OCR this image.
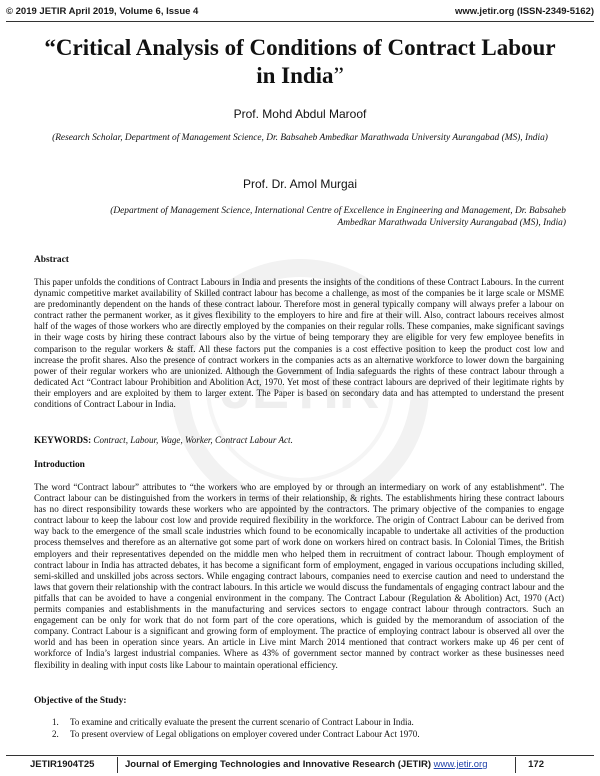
© 2019 JETIR April 2019, Volume 6, Issue 4	www.jetir.org (ISSN-2349-5162)
“Critical Analysis of Conditions of Contract Labour in India”
Prof. Mohd Abdul Maroof
(Research Scholar, Department of Management Science, Dr. Babsaheb Ambedkar Marathwada University Aurangabad (MS), India)
Prof. Dr. Amol Murgai
(Department of Management Science, International Centre of Excellence in Engineering and Management, Dr. Babsaheb Ambedkar Marathwada University Aurangabad (MS), India)
JETIR
Abstract
This paper unfolds the conditions of Contract Labours in India and presents the insights of the conditions of these Contract Labours. In the current dynamic competitive market availability of Skilled contract labour has become a challenge, as most of the companies be it large scale or MSME are predominantly dependent on the hands of these contract labour. Therefore most in general typically company will always prefer a labour on contract rather the permanent worker, as it gives flexibility to the employers to hire and fire at their will. Also, contract labours receives almost half of the wages of those workers who are directly employed by the companies on their regular rolls. These companies, make significant savings in their wage costs by hiring these contract labours also by the virtue of being temporary they are eligible for very few employee benefits in comparison to the regular workers & staff. All these factors put the companies is a cost effective position to keep the product cost low and increase the profit shares. Also the presence of contract workers in the companies acts as an alternative workforce to lower down the bargaining power of their regular workers who are unionized. Although the Government of India safeguards the rights of these contract labour through a dedicated Act “Contract labour Prohibition and Abolition Act, 1970. Yet most of these contract labours are deprived of their legitimate rights by their employers and are exploited by them to larger extent. The Paper is based on secondary data and has attempted to understand the present conditions of Contract Labour in India.
KEYWORDS: Contract, Labour, Wage, Worker, Contract Labour Act.
Introduction
The word “Contract labour” attributes to “the workers who are employed by or through an intermediary on work of any establishment”. The Contract labour can be distinguished from the workers in terms of their relationship, & rights. The establishments hiring these contract labours has no direct responsibility towards these workers who are appointed by the contractors. The primary objective of the companies to engage contract labour to keep the labour cost low and provide required flexibility in the workforce. The origin of Contract Labour can be derived from way back to the emergence of the small scale industries which found to be economically incapable to undertake all activities of the production process themselves and therefore as an alternative got some part of work done on workers hired on contract basis. In Colonial Times, the British employers and their representatives depended on the middle men who helped them in recruitment of contract labour. Though employment of contract labour in India has attracted debates, it has become a significant form of employment, engaged in various occupations including skilled, semi-skilled and unskilled jobs across sectors. While engaging contract labours, companies need to exercise caution and need to understand the laws that govern their relationship with the contract labours. In this article we would discuss the fundamentals of engaging contract labour and the pitfalls that can be avoided to have a congenial environment in the company. The Contract Labour (Regulation & Abolition) Act, 1970 (Act) permits companies and establishments in the manufacturing and services sectors to engage contract labour through contractors. Such an engagement can be only for work that do not form part of the core operations, which is guided by the memorandum of association of the company. Contract Labour is a significant and growing form of employment. The practice of employing contract labour is observed all over the world and has been in operation since years. An article in Live mint March 2014 mentioned that contract workers make up 46 per cent of workforce of India’s largest industrial companies. Where as 43% of government sector manned by contract worker as these businesses need flexibility in dealing with input costs like Labour to maintain operational efficiency.
Objective of the Study:
1. To examine and critically evaluate the present the current scenario of Contract Labour in India.
2. To present overview of Legal obligations on employer covered under Contract Labour Act 1970.
JETIR1904T25	Journal of Emerging Technologies and Innovative Research (JETIR) www.jetir.org	172
